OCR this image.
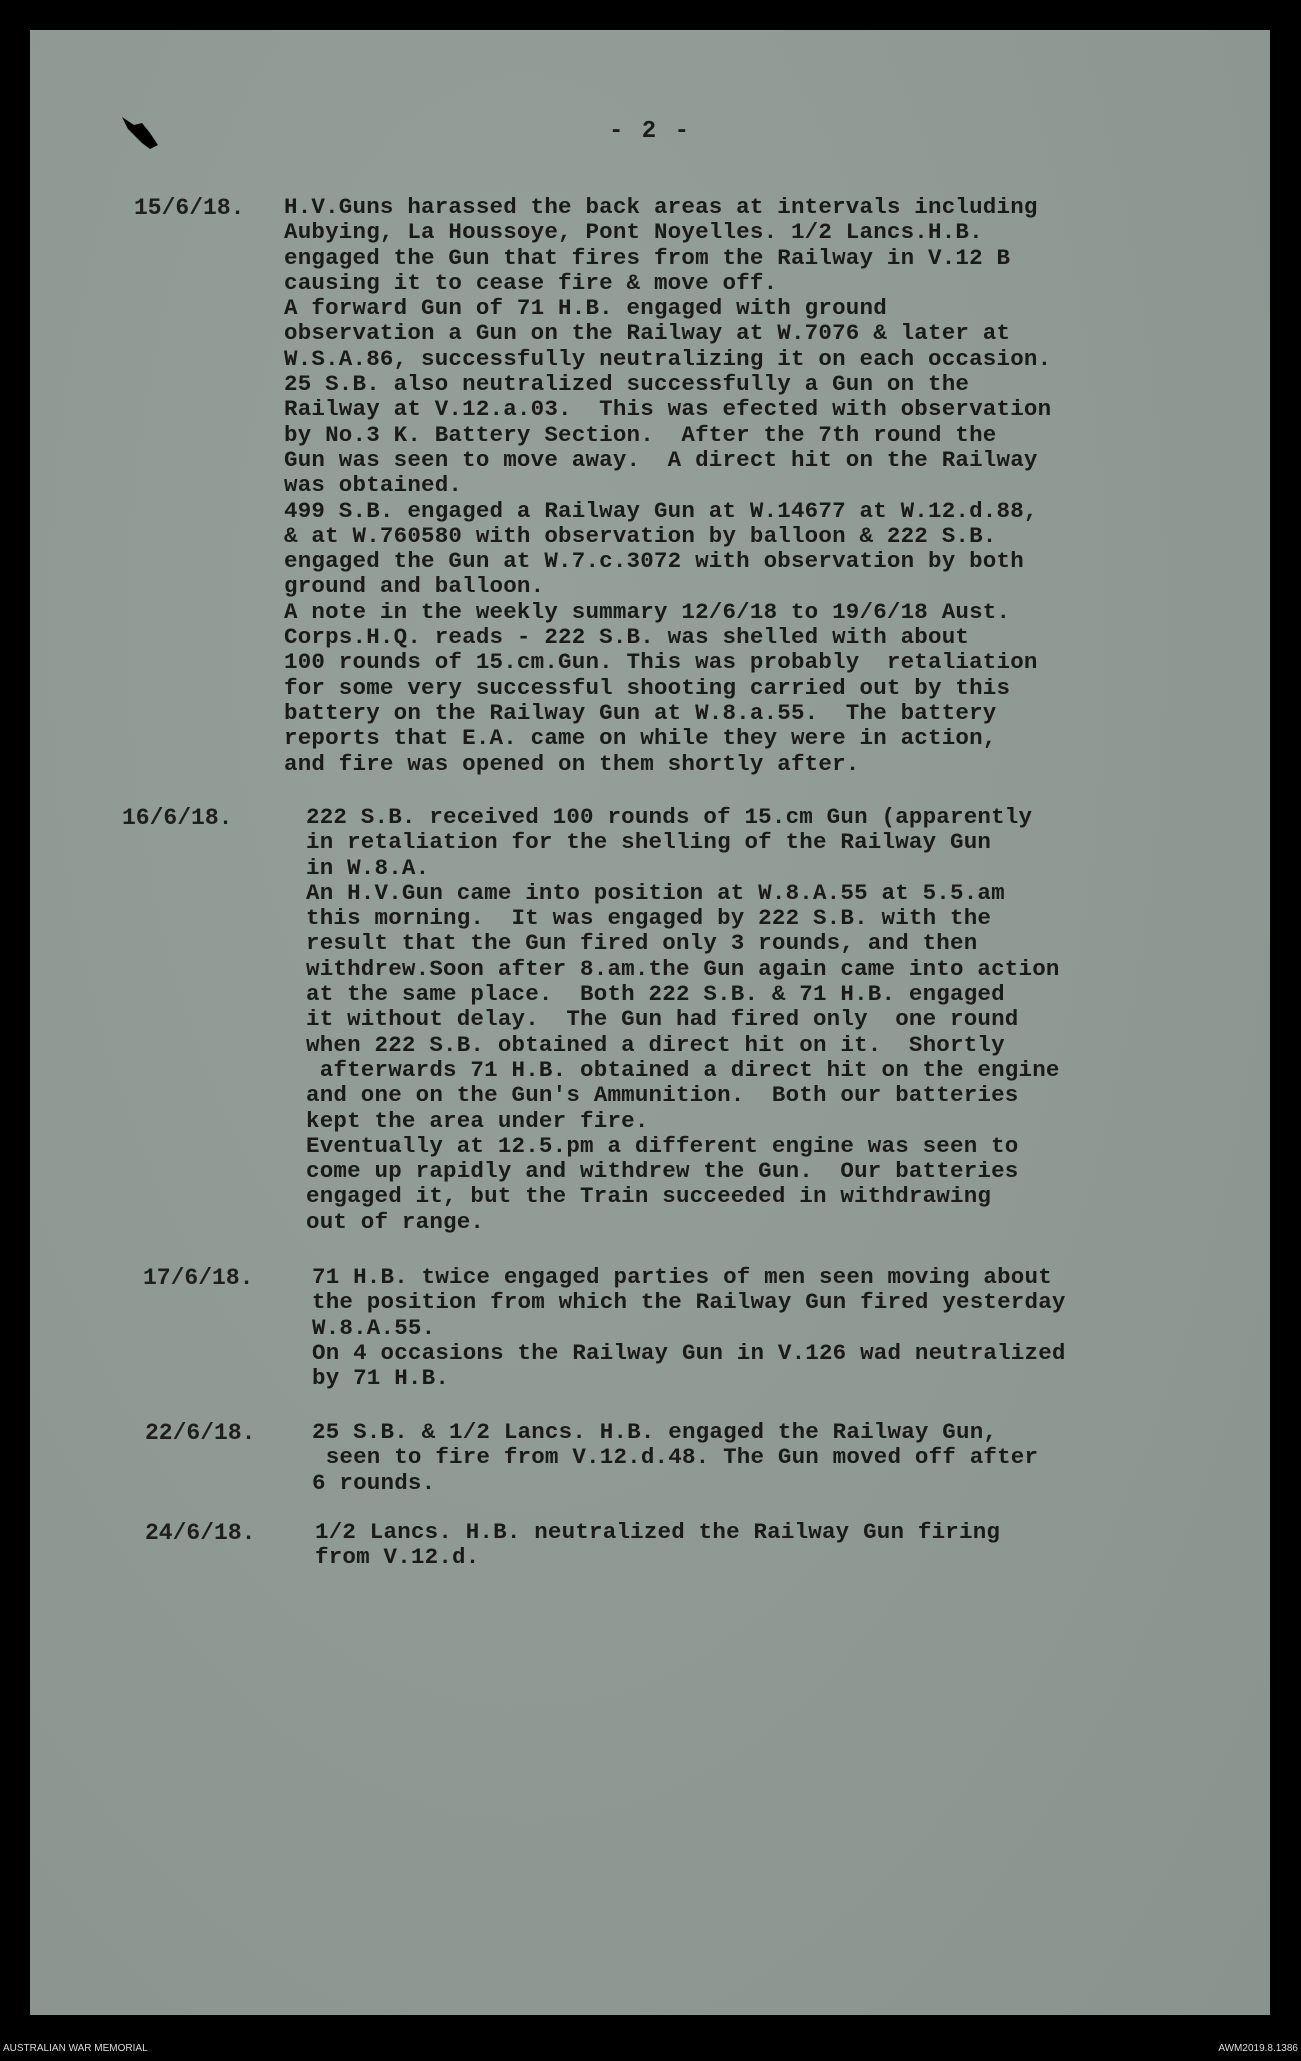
- 2 -
15/6/18. H.V.Guns harassed the back areas at intervals including
Aubying, La Houssoye, Pont Noyelles. 1/2 Lancs.H.B.
engaged the Gun that fires from the Railway in V.12 B
causing it to cease fire & move off.
A forward Gun of 71 H.B. engaged with ground
observation a Gun on the Railway at W.7076 & later at
W.S.A.86, successfully neutralizing it on each occasion.
25 S.B. also neutralized successfully a Gun on the
Railway at V.12.a.03.  This was efected with observation
by No.3 K. Battery Section.  After the 7th round the
Gun was seen to move away.  A direct hit on the Railway
was obtained.
499 S.B. engaged a Railway Gun at W.14677 at W.12.d.88,
& at W.760580 with observation by balloon & 222 S.B.
engaged the Gun at W.7.c.3072 with observation by both
ground and balloon.
A note in the weekly summary 12/6/18 to 19/6/18 Aust.
Corps.H.Q. reads - 222 S.B. was shelled with about
100 rounds of 15.cm.Gun. This was probably  retaliation
for some very successful shooting carried out by this
battery on the Railway Gun at W.8.a.55.  The battery
reports that E.A. came on while they were in action,
and fire was opened on them shortly after.
16/6/18.	222 S.B. received 100 rounds of 15.cm Gun (apparently
in retaliation for the shelling of the Railway Gun
in W.8.A.
An H.V.Gun came into position at W.8.A.55 at 5.5.am
this morning.  It was engaged by 222 S.B. with the
result that the Gun fired only 3 rounds, and then
withdrew.Soon after 8.am.the Gun again came into action
at the same place.  Both 222 S.B. & 71 H.B. engaged
it without delay.  The Gun had fired only  one round
when 222 S.B. obtained a direct hit on it.  Shortly
afterwards 71 H.B. obtained a direct hit on the engine
and one on the Gun's Ammunition.  Both our batteries
kept the area under fire.
Eventually at 12.5.pm a different engine was seen to
come up rapidly and withdrew the Gun.  Our batteries
engaged it, but the Train succeeded in withdrawing
out of range.
17/6/18.	71 H.B. twice engaged parties of men seen moving about
the position from which the Railway Gun fired yesterday
W.8.A.55.
On 4 occasions the Railway Gun in V.126 wad neutralized
by 71 H.B.
22/6/18.	25 S.B. & 1/2 Lancs. H.B. engaged the Railway Gun,
seen to fire from V.12.d.48. The Gun moved off after
6 rounds.
24/6/18.	1/2 Lancs. H.B. neutralized the Railway Gun firing
from V.12.d.
AUSTRALIAN WAR MEMORIAL	AWM2019.8.1386
